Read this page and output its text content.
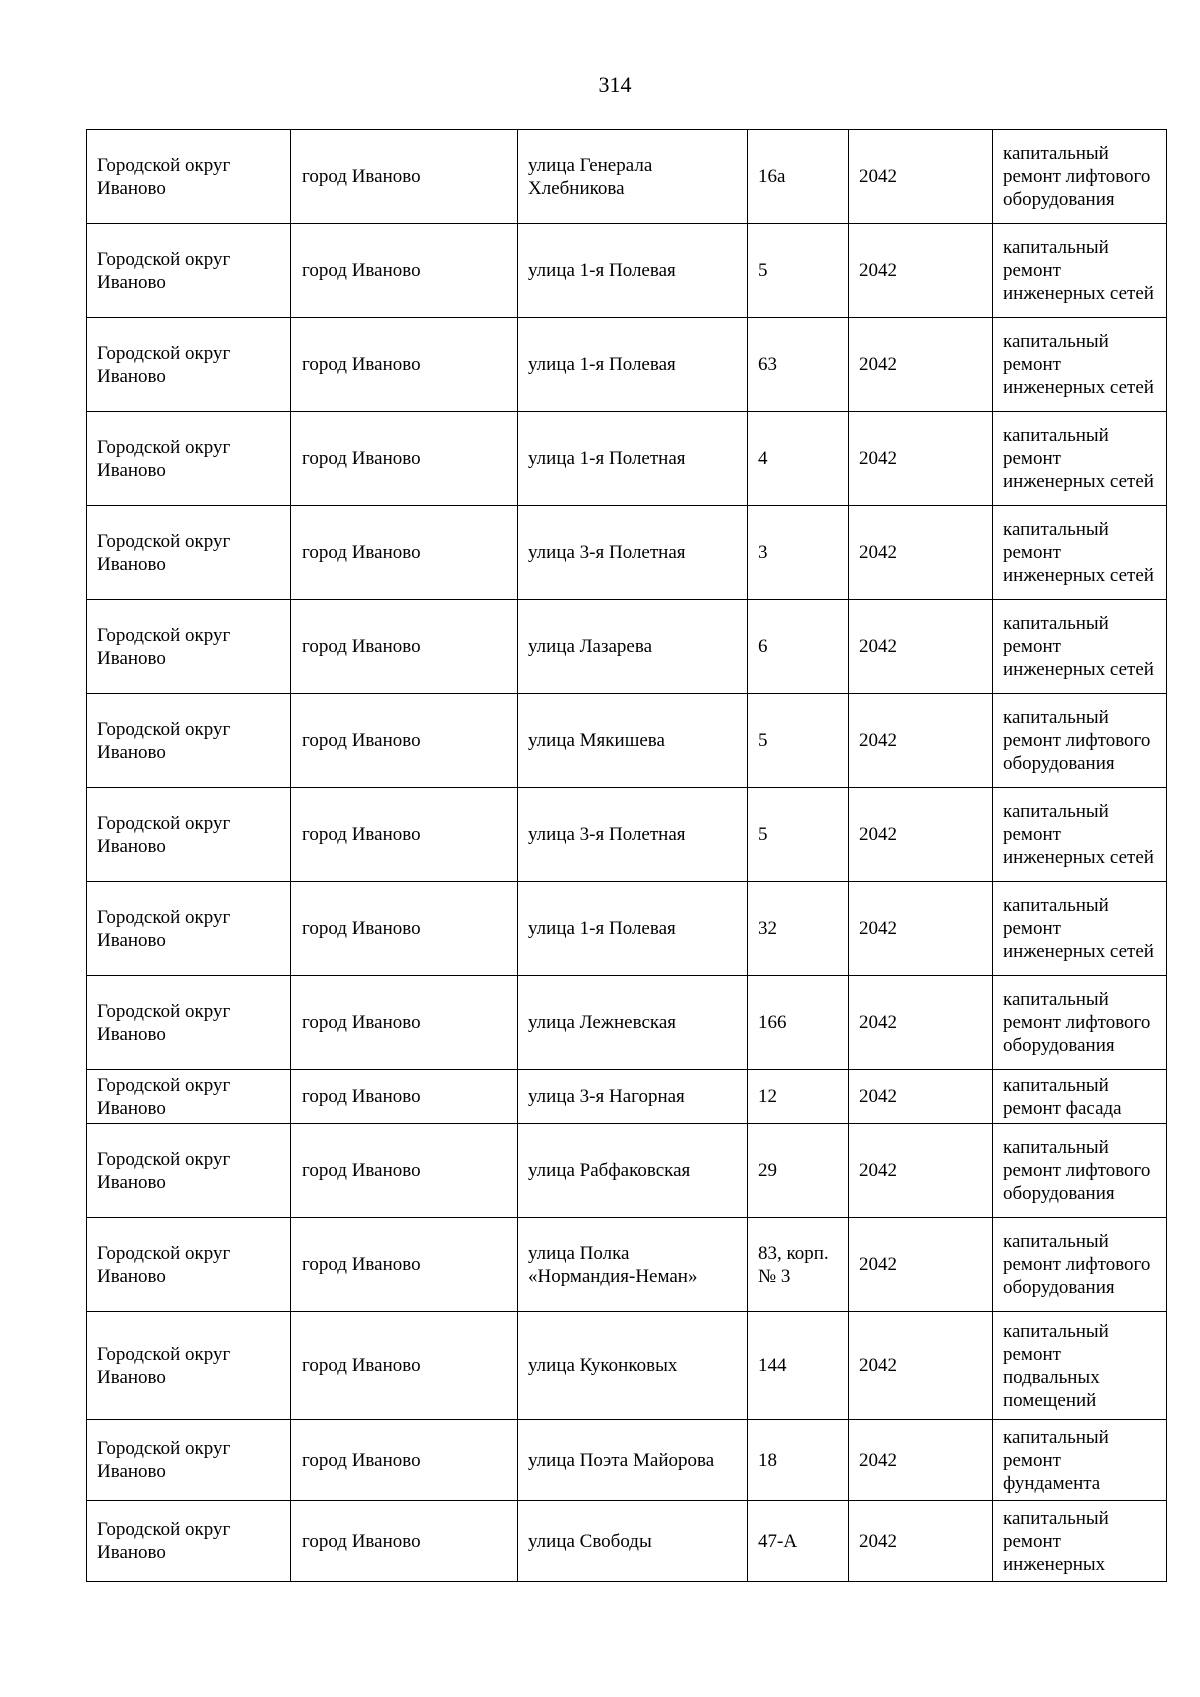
314
Городской округ Иваново	город Иваново	улица Генерала Хлебникова	16а	2042	капитальный ремонт лифтового оборудования

Городской округ Иваново	город Иваново	улица 1-я Полевая	5	2042	капитальный ремонт инженерных сетей

Городской округ Иваново	город Иваново	улица 1-я Полевая	63	2042	капитальный ремонт инженерных сетей

Городской округ Иваново	город Иваново	улица 1-я Полетная	4	2042	капитальный ремонт инженерных сетей

Городской округ Иваново	город Иваново	улица 3-я Полетная	3	2042	капитальный ремонт инженерных сетей

Городской округ Иваново	город Иваново	улица Лазарева	6	2042	капитальный ремонт инженерных сетей

Городской округ Иваново	город Иваново	улица Мякишева	5	2042	капитальный ремонт лифтового оборудования

Городской округ Иваново	город Иваново	улица 3-я Полетная	5	2042	капитальный ремонт инженерных сетей

Городской округ Иваново	город Иваново	улица 1-я Полевая	32	2042	капитальный ремонт инженерных сетей

Городской округ Иваново	город Иваново	улица Лежневская	166	2042	капитальный ремонт лифтового оборудования

Городской округ Иваново	город Иваново	улица 3-я Нагорная	12	2042	капитальный ремонт фасада

Городской округ Иваново	город Иваново	улица Рабфаковская	29	2042	капитальный ремонт лифтового оборудования

Городской округ Иваново	город Иваново	улица Полка «Нормандия-Неман»	83, корп. № 3	2042	капитальный ремонт лифтового оборудования

Городской округ Иваново	город Иваново	улица Куконковых	144	2042	капитальный ремонт подвальных помещений

Городской округ Иваново	город Иваново	улица Поэта Майорова	18	2042	капитальный ремонт фундамента

Городской округ Иваново	город Иваново	улица Свободы	47-А	2042	капитальный ремонт инженерных
